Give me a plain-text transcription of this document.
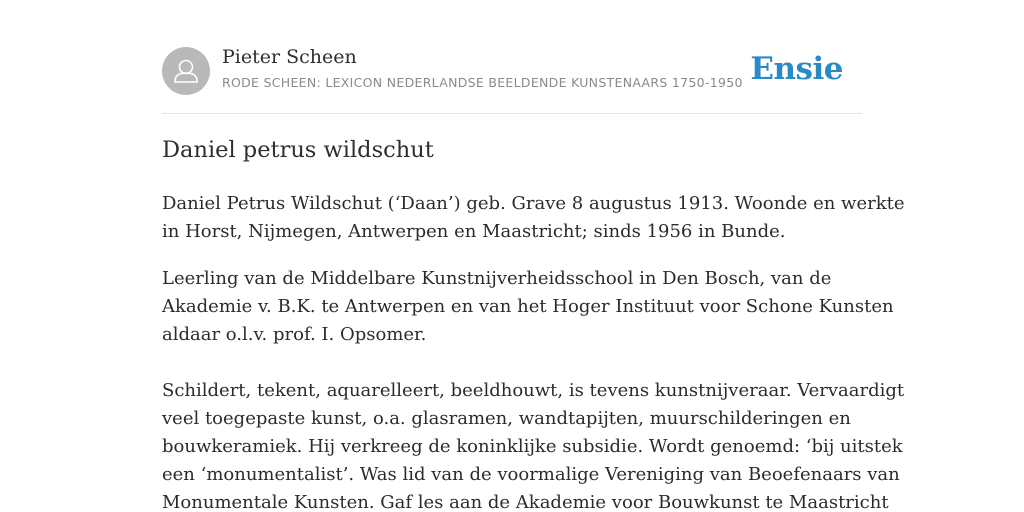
Pieter Scheen
RODE SCHEEN: LEXICON NEDERLANDSE BEELDENDE KUNSTENAARS 1750-1950 Ensie
Daniel petrus wildschut

Daniel Petrus Wildschut (‘Daan’) geb. Grave 8 augustus 1913. Woonde en werkte
in Horst, Nijmegen, Antwerpen en Maastricht; sinds 1956 in Bunde.

Leerling van de Middelbare Kunstnijverheidsschool in Den Bosch, van de
Akademie v. B.K. te Antwerpen en van het Hoger Instituut voor Schone Kunsten
aldaar o.l.v. prof. I. Opsomer.

Schildert, tekent, aquarelleert, beeldhouwt, is tevens kunstnijveraar. Vervaardigt
veel toegepaste kunst, o.a. glasramen, wandtapijten, muurschilderingen en
bouwkeramiek. Hij verkreeg de koninklijke subsidie. Wordt genoemd: ‘bij uitstek
een ‘monumentalist’. Was lid van de voormalige Vereniging van Beoefenaars van
Monumentale Kunsten. Gaf les aan de Akademie voor Bouwkunst te Maastricht
